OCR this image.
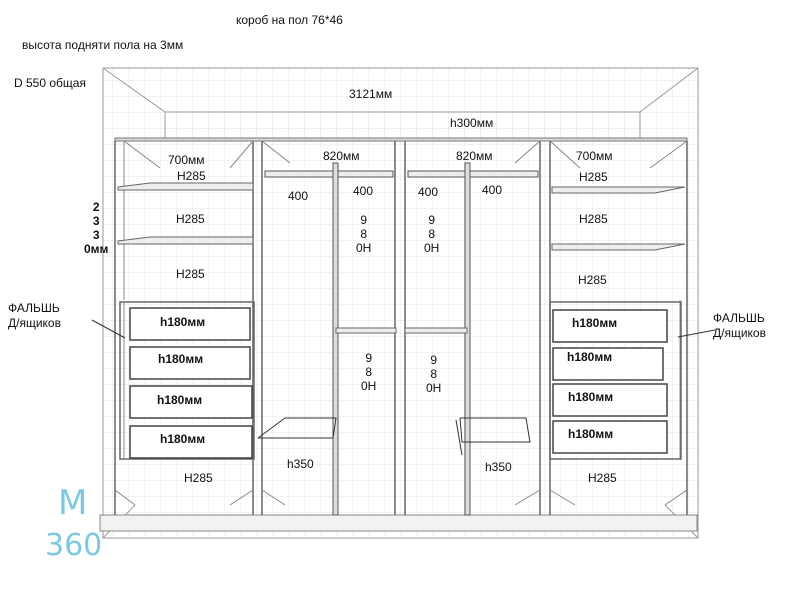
короб на пол 76*46
высота подняти пола на 3мм
D 550 общая
3121мм
h300мм
700мм	820мм	820мм	700мм
Н285
Н285
Н285
2
3
3
0мм
ФАЛЬШЬ
Д/ящиков	h180мм
h180мм
h180мм
h180мм
Н285
400	400	400	400
9
8
0Н
9
8
0Н
9
8
0Н
9
8
0Н
h350	h350
Н285
Н285
Н285
ФАЛЬШЬ
Д/ящиков
h180мм
h180мм
h180мм
h180мм
Н285
М
360
